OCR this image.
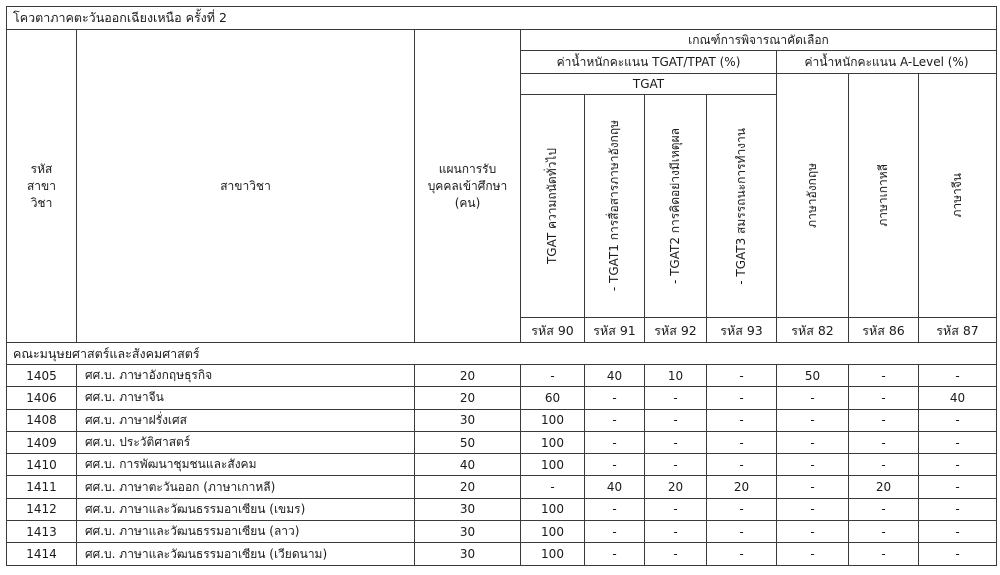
โควตาภาคตะวันออกเฉียงเหนือ ครั้งที่ 2									
รหัส สาขาวิชา	สาขาวิชา	แผนการรับ บุคคลเข้าศึกษา (คน)	เกณฑ์การพิจารณาคัดเลือก						
			ค่าน้ำหนักคะแนน TGAT/TPAT (%)				ค่าน้ำหนักคะแนน A-Level (%)		
			TGAT				ภาษาอังกฤษ	ภาษาเกาหลี	ภาษาจีน

			TGAT ความถนัดทั่วไป	- TGAT1 การสื่อสารภาษาอังกฤษ	- TGAT2 การคิดอย่างมีเหตุผล	- TGAT3 สมรรถนะการทำงาน			

			รหัส 90	รหัส 91	รหัส 92	รหัส 93	รหัส 82	รหัส 86	รหัส 87
คณะมนุษยศาสตร์และสังคมศาสตร์									
1405	ศศ.บ. ภาษาอังกฤษธุรกิจ	20	-	40	10	-	50	-	-
1406	ศศ.บ. ภาษาจีน	20	60	-	-	-	-	-	40
1408	ศศ.บ. ภาษาฝรั่งเศส	30	100	-	-	-	-	-	-
1409	ศศ.บ. ประวัติศาสตร์	50	100	-	-	-	-	-	-
1410	ศศ.บ. การพัฒนาชุมชนและสังคม	40	100	-	-	-	-	-	-
1411	ศศ.บ. ภาษาตะวันออก (ภาษาเกาหลี)	20	-	40	20	20	-	20	-
1412	ศศ.บ. ภาษาและวัฒนธรรมอาเซียน (เขมร)	30	100	-	-	-	-	-	-
1413	ศศ.บ. ภาษาและวัฒนธรรมอาเซียน (ลาว)	30	100	-	-	-	-	-	-
1414	ศศ.บ. ภาษาและวัฒนธรรมอาเซียน (เวียดนาม)	30	100	-	-	-	-	-	-
